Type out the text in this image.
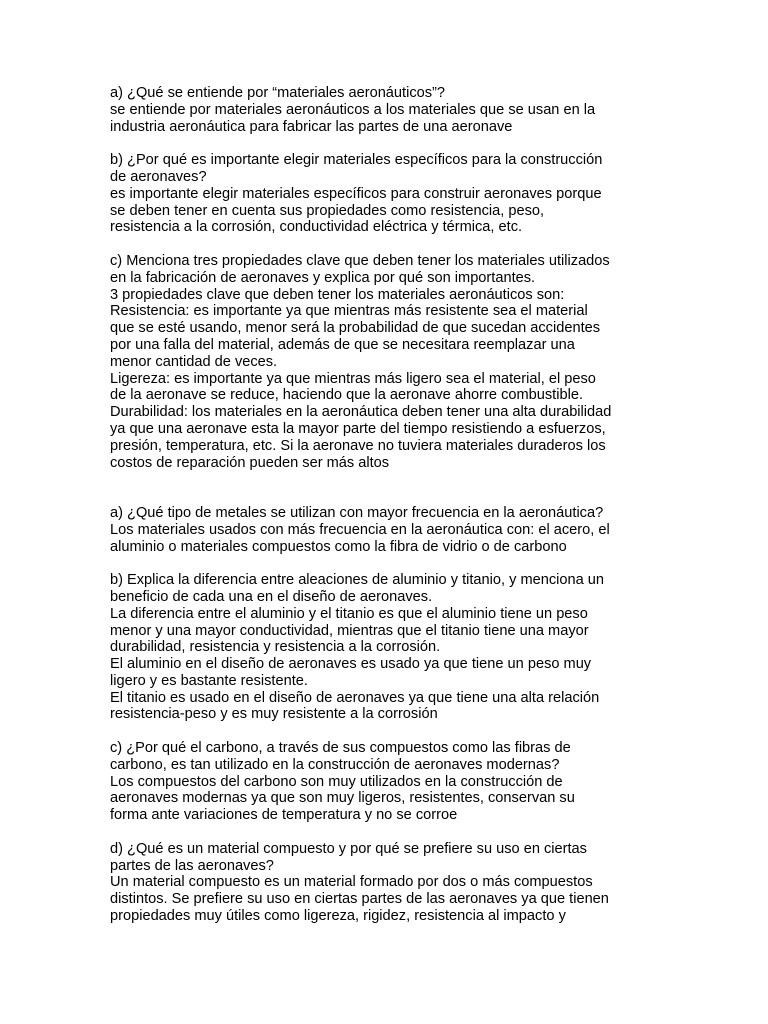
a) ¿Qué se entiende por “materiales aeronáuticos”?
se entiende por materiales aeronáuticos a los materiales que se usan en la
industria aeronáutica para fabricar las partes de una aeronave
b) ¿Por qué es importante elegir materiales específicos para la construcción
de aeronaves?
es importante elegir materiales específicos para construir aeronaves porque
se deben tener en cuenta sus propiedades como resistencia, peso,
resistencia a la corrosión, conductividad eléctrica y térmica, etc.
c) Menciona tres propiedades clave que deben tener los materiales utilizados
en la fabricación de aeronaves y explica por qué son importantes.
3 propiedades clave que deben tener los materiales aeronáuticos son:
Resistencia: es importante ya que mientras más resistente sea el material
que se esté usando, menor será la probabilidad de que sucedan accidentes
por una falla del material, además de que se necesitara reemplazar una
menor cantidad de veces.
Ligereza: es importante ya que mientras más ligero sea el material, el peso
de la aeronave se reduce, haciendo que la aeronave ahorre combustible.
Durabilidad: los materiales en la aeronáutica deben tener una alta durabilidad
ya que una aeronave esta la mayor parte del tiempo resistiendo a esfuerzos,
presión, temperatura, etc. Si la aeronave no tuviera materiales duraderos los
costos de reparación pueden ser más altos
a) ¿Qué tipo de metales se utilizan con mayor frecuencia en la aeronáutica?
Los materiales usados con más frecuencia en la aeronáutica con: el acero, el
aluminio o materiales compuestos como la fibra de vidrio o de carbono
b) Explica la diferencia entre aleaciones de aluminio y titanio, y menciona un
beneficio de cada una en el diseño de aeronaves.
La diferencia entre el aluminio y el titanio es que el aluminio tiene un peso
menor y una mayor conductividad, mientras que el titanio tiene una mayor
durabilidad, resistencia y resistencia a la corrosión.
El aluminio en el diseño de aeronaves es usado ya que tiene un peso muy
ligero y es bastante resistente.
El titanio es usado en el diseño de aeronaves ya que tiene una alta relación
resistencia-peso y es muy resistente a la corrosión
c) ¿Por qué el carbono, a través de sus compuestos como las fibras de
carbono, es tan utilizado en la construcción de aeronaves modernas?
Los compuestos del carbono son muy utilizados en la construcción de
aeronaves modernas ya que son muy ligeros, resistentes, conservan su
forma ante variaciones de temperatura y no se corroe
d) ¿Qué es un material compuesto y por qué se prefiere su uso en ciertas
partes de las aeronaves?
Un material compuesto es un material formado por dos o más compuestos
distintos. Se prefiere su uso en ciertas partes de las aeronaves ya que tienen
propiedades muy útiles como ligereza, rigidez, resistencia al impacto y
